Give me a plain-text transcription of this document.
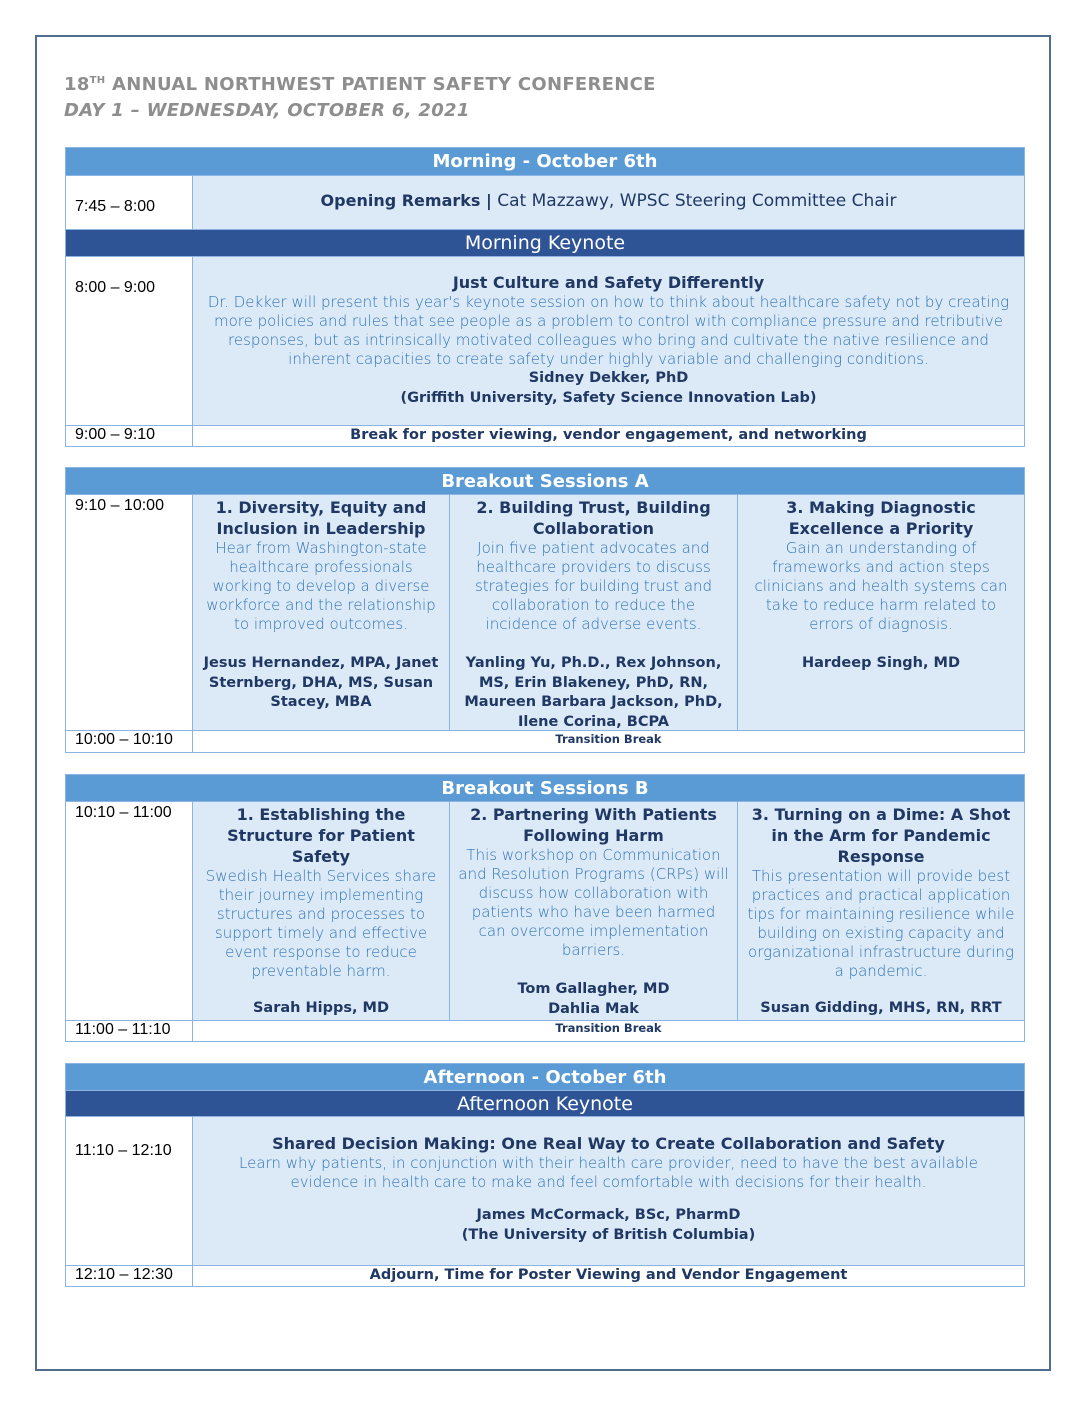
18TH ANNUAL NORTHWEST PATIENT SAFETY CONFERENCE
DAY 1 – WEDNESDAY, OCTOBER 6, 2021
Morning - October 6th
7:45 – 8:00	Opening Remarks | Cat Mazzawy, WPSC Steering Committee Chair
Morning Keynote
8:00 – 9:00	Just Culture and Safety Differently
Dr. Dekker will present this year's keynote session on how to think about healthcare safety not by creating more policies and rules that see people as a problem to control with compliance pressure and retributive responses, but as intrinsically motivated colleagues who bring and cultivate the native resilience and inherent capacities to create safety under highly variable and challenging conditions.
Sidney Dekker, PhD
(Griffith University, Safety Science Innovation Lab)
9:00 – 9:10	Break for poster viewing, vendor engagement, and networking
Breakout Sessions A
9:10 – 10:00	1. Diversity, Equity and Inclusion in Leadership
Hear from Washington-state healthcare professionals working to develop a diverse workforce and the relationship to improved outcomes.
Jesus Hernandez, MPA, Janet Sternberg, DHA, MS, Susan Stacey, MBA
2. Building Trust, Building Collaboration
Join five patient advocates and healthcare providers to discuss strategies for building trust and collaboration to reduce the incidence of adverse events.
Yanling Yu, Ph.D., Rex Johnson, MS, Erin Blakeney, PhD, RN, Maureen Barbara Jackson, PhD, Ilene Corina, BCPA
3. Making Diagnostic Excellence a Priority
Gain an understanding of frameworks and action steps clinicians and health systems can take to reduce harm related to errors of diagnosis.
Hardeep Singh, MD
10:00 – 10:10	Transition Break
Breakout Sessions B
10:10 – 11:00	1. Establishing the Structure for Patient Safety
Swedish Health Services share their journey implementing structures and processes to support timely and effective event response to reduce preventable harm.
Sarah Hipps, MD
2. Partnering With Patients Following Harm
This workshop on Communication and Resolution Programs (CRPs) will discuss how collaboration with patients who have been harmed can overcome implementation barriers.
Tom Gallagher, MD
Dahlia Mak
3. Turning on a Dime: A Shot in the Arm for Pandemic Response
This presentation will provide best practices and practical application tips for maintaining resilience while building on existing capacity and organizational infrastructure during a pandemic.
Susan Gidding, MHS, RN, RRT
11:00 – 11:10	Transition Break
Afternoon - October 6th
Afternoon Keynote
11:10 – 12:10	Shared Decision Making: One Real Way to Create Collaboration and Safety
Learn why patients, in conjunction with their health care provider, need to have the best available evidence in health care to make and feel comfortable with decisions for their health.
James McCormack, BSc, PharmD
(The University of British Columbia)
12:10 – 12:30	Adjourn, Time for Poster Viewing and Vendor Engagement
